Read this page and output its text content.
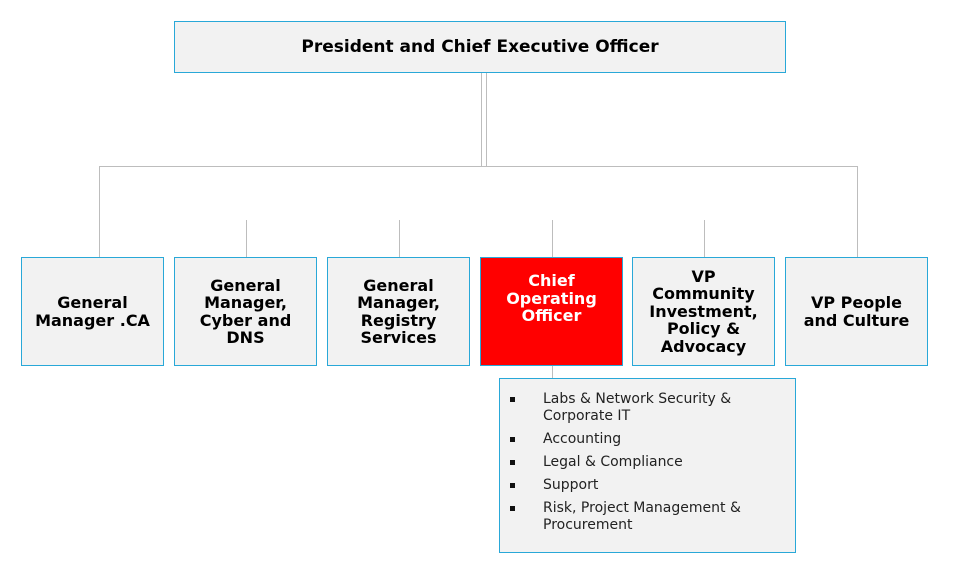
President and Chief Executive Officer
General Manager .CA
General Manager, Cyber and DNS
General Manager, Registry Services
Chief Operating Officer
VP Community Investment, Policy & Advocacy
VP People and Culture
Labs & Network Security & Corporate IT
Accounting
Legal & Compliance
Support
Risk, Project Management & Procurement
